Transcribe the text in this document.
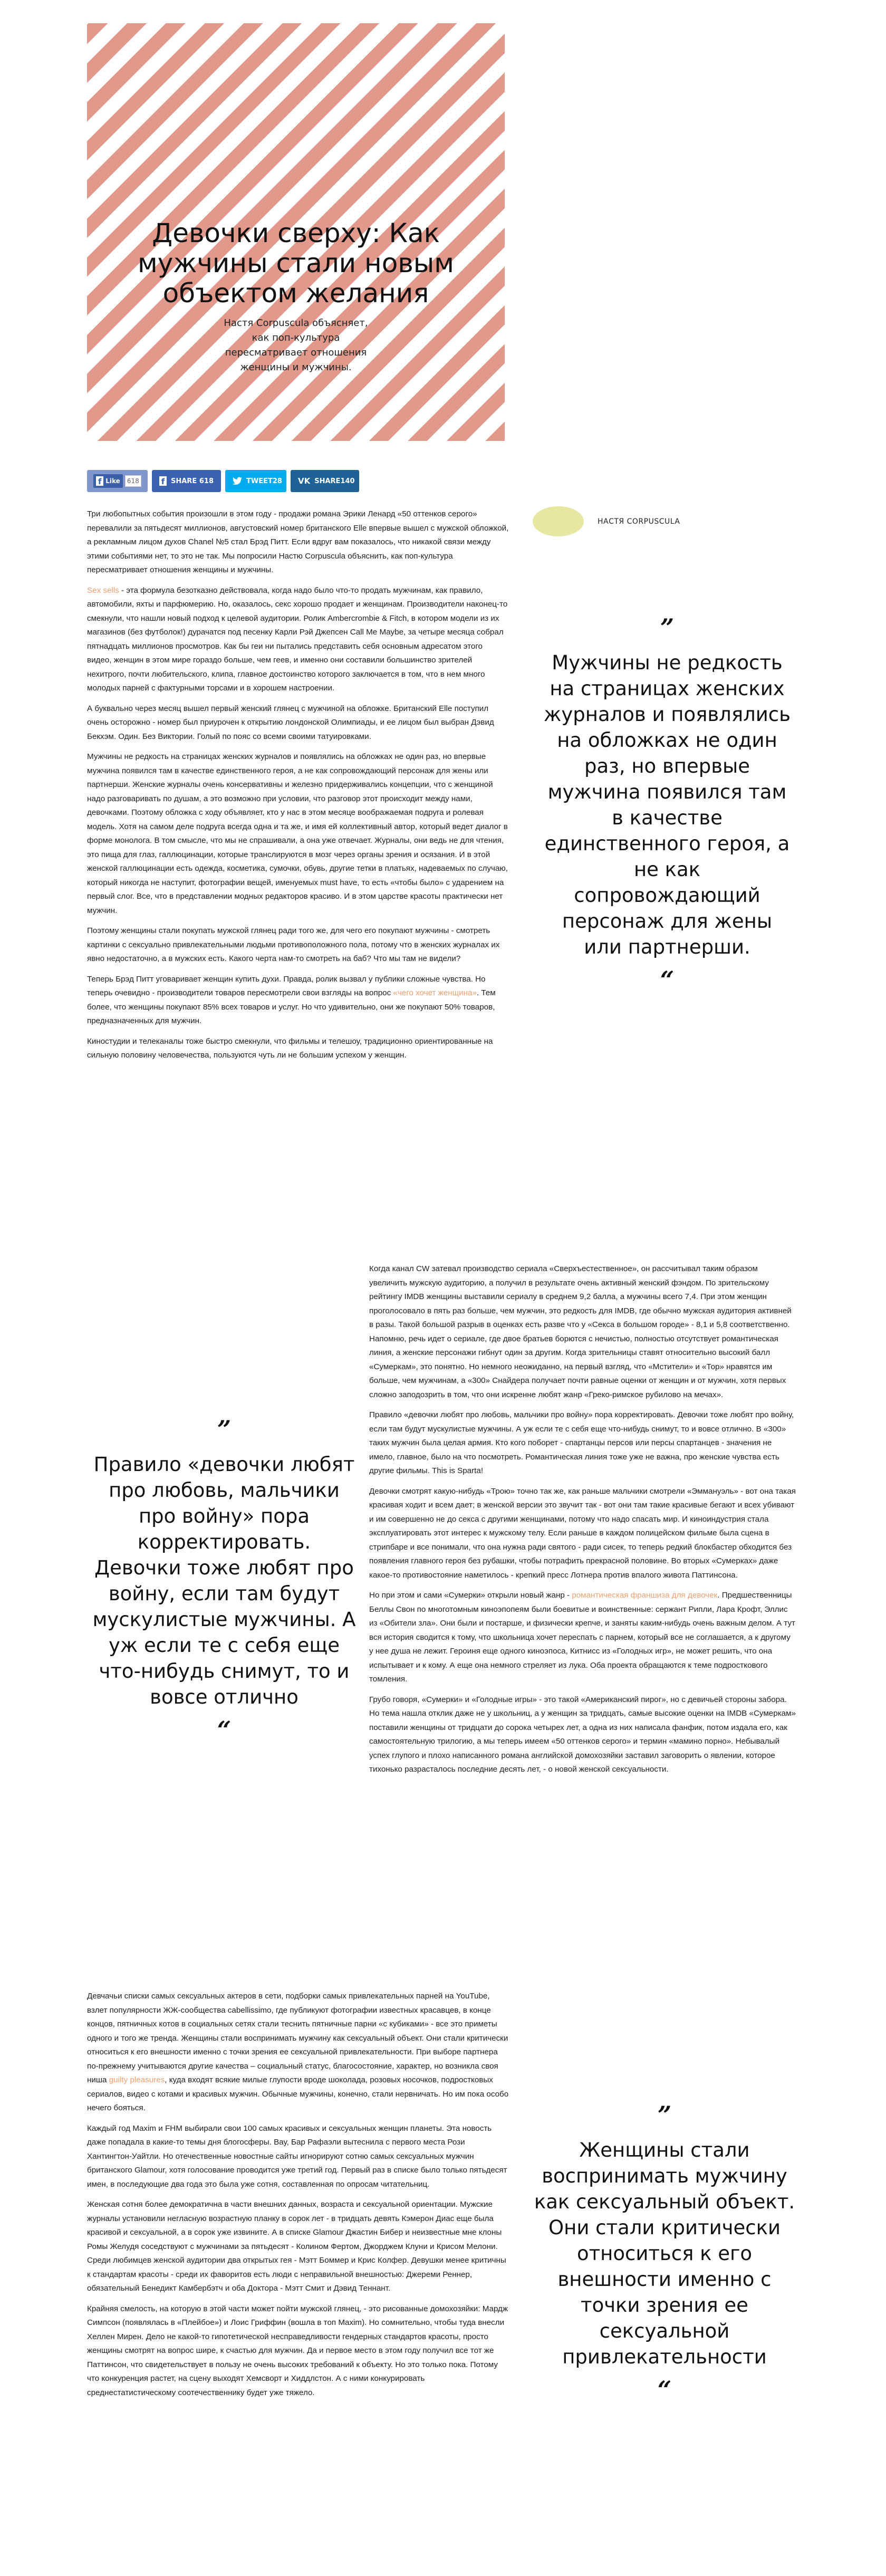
Девочки сверху: Как мужчины стали новым объектом желания

Настя Corpuscula объясняет, как поп-культура пересматривает отношения женщины и мужчины.

f Like	618	f SHARE 618	TWEET 28 VK SHARE 140
НАСТЯ CORPUSCULA

Три любопытных события произошли в этом году - продажи романа Эрики Ленард «50 оттенков серого» перевалили за пятьдесят миллионов, августовский номер британского Elle впервые вышел с мужской обложкой, а рекламным лицом духов Chanel №5 стал Брэд Питт. Если вдруг вам показалось, что никакой связи между этими событиями нет, то это не так. Мы попросили Настю Corpuscula объяснить, как поп-культура пересматривает отношения женщины и мужчины.

Sex sells - эта формула безотказно действовала, когда надо было что-то продать мужчинам, как правило, автомобили, яхты и парфюмерию. Но, оказалось, секс хорошо продает и женщинам. Производители наконец-то смекнули, что нашли новый подход к целевой аудитории. Ролик Ambercrombie & Fitch, в котором модели из их магазинов (без футболок!) дурачатся под песенку Карли Рэй Джепсен Call Me Maybe, за четыре месяца собрал пятнадцать миллионов просмотров. Как бы геи ни пытались представить себя основным адресатом этого видео, женщин в этом мире гораздо больше, чем геев, и именно они составили большинство зрителей нехитрого, почти любительского, клипа, главное достоинство которого заключается в том, что в нем много молодых парней с фактурными торсами и в хорошем настроении.

А буквально через месяц вышел первый женский глянец с мужчиной на обложке. Британский Elle поступил очень осторожно - номер был приурочен к открытию лондонской Олимпиады, и ее лицом был выбран Дэвид Бекхэм. Один. Без Виктории. Голый по пояс со всеми своими татуировками.

Мужчины не редкость на страницах женских журналов и появлялись на обложках не один раз, но впервые мужчина появился там в качестве единственного героя, а не как сопровождающий персонаж для жены или партнерши. Женские журналы очень консервативны и железно придерживались концепции, что с женщиной надо разговаривать по душам, а это возможно при условии, что разговор этот происходит между нами, девочками. Поэтому обложка с ходу объявляет, кто у нас в этом месяце воображаемая подруга и ролевая модель. Хотя на самом деле подруга всегда одна и та же, и имя ей коллективный автор, который ведет диалог в форме монолога. В том смысле, что мы не спрашивали, а она уже отвечает. Журналы, они ведь не для чтения, это пища для глаз, галлюцинации, которые транслируются в мозг через органы зрения и осязания. И в этой женской галлюцинации есть одежда, косметика, сумочки, обувь, другие тетки в платьях, надеваемых по случаю, который никогда не наступит, фотографии вещей, именуемых must have, то есть «чтобы было» с ударением на первый слог. Все, что в представлении модных редакторов красиво. И в этом царстве красоты практически нет мужчин.

Поэтому женщины стали покупать мужской глянец ради того же, для чего его покупают мужчины - смотреть картинки с сексуально привлекательными людьми противоположного пола, потому что в женских журналах их явно недостаточно, а в мужских есть. Какого черта нам-то смотреть на баб? Что мы там не видели?

Теперь Брэд Питт уговаривает женщин купить духи. Правда, ролик вызвал у публики сложные чувства. Но теперь очевидно - производители товаров пересмотрели свои взгляды на вопрос «чего хочет женщина». Тем более, что женщины покупают 85% всех товаров и услуг. Но что удивительно, они же покупают 50% товаров, предназначенных для мужчин.

Киностудии и телеканалы тоже быстро смекнули, что фильмы и телешоу, традиционно ориентированные на сильную половину человечества, пользуются чуть ли не большим успехом у женщин.

”
Мужчины не редкость на страницах женских журналов и появлялись на обложках не один раз, но впервые мужчина появился там в качестве единственного героя, а не как сопровождающий персонаж для жены или партнерши.
“

Когда канал CW затевал производство сериала «Сверхъестественное», он рассчитывал таким образом увеличить мужскую аудиторию, а получил в результате очень активный женский фэндом. По зрительскому рейтингу IMDB женщины выставили сериалу в среднем 9,2 балла, а мужчины всего 7,4. При этом женщин проголосовало в пять раз больше, чем мужчин, это редкость для IMDB, где обычно мужская аудитория активней в разы. Такой большой разрыв в оценках есть разве что у «Секса в большом городе» - 8,1 и 5,8 соответственно. Напомню, речь идет о сериале, где двое братьев борются с нечистью, полностью отсутствует романтическая линия, а женские персонажи гибнут один за другим. Когда зрительницы ставят относительно высокий балл «Сумеркам», это понятно. Но немного неожиданно, на первый взгляд, что «Мстители» и «Тор» нравятся им больше, чем мужчинам, а «300» Снайдера получает почти равные оценки от женщин и от мужчин, хотя первых сложно заподозрить в том, что они искренне любят жанр «Греко-римское рубилово на мечах».

Правило «девочки любят про любовь, мальчики про войну» пора корректировать. Девочки тоже любят про войну, если там будут мускулистые мужчины. А уж если те с себя еще что-нибудь снимут, то и вовсе отлично. В «300» таких мужчин была целая армия. Кто кого поборет - спартанцы персов или персы спартанцев - значения не имело, главное, было на что посмотреть. Романтическая линия тоже уже не важна, про женские чувства есть другие фильмы. This is Sparta!

Девочки смотрят какую-нибудь «Трою» точно так же, как раньше мальчики смотрели «Эммануэль» - вот она такая красивая ходит и всем дает; в женской версии это звучит так - вот они там такие красивые бегают и всех убивают и им совершенно не до секса с другими женщинами, потому что надо спасать мир. И киноиндустрия стала эксплуатировать этот интерес к мужскому телу. Если раньше в каждом полицейском фильме была сцена в стрипбаре и все понимали, что она нужна ради святого - ради сисек, то теперь редкий блокбастер обходится без появления главного героя без рубашки, чтобы потрафить прекрасной половине. Во вторых «Сумерках» даже какое-то противостояние наметилось - крепкий пресс Лотнера против впалого живота Паттинсона.

Но при этом и сами «Сумерки» открыли новый жанр - романтическая франшиза для девочек. Предшественницы Беллы Свон по многотомным киноэпопеям были боевитые и воинственные: сержант Рипли, Лара Крофт, Эллис из «Обители зла». Они были и постарше, и физически крепче, и заняты каким-нибудь очень важным делом. А тут вся история сводится к тому, что школьница хочет переспать с парнем, который все не соглашается, а к другому у нее душа не лежит. Героиня еще одного киноэпоса, Китнисс из «Голодных игр», не может решить, что она испытывает и к кому. А еще она немного стреляет из лука. Оба проекта обращаются к теме подросткового томления.

Грубо говоря, «Сумерки» и «Голодные игры» - это такой «Американский пирог», но с девичьей стороны забора. Но тема нашла отклик даже не у школьниц, а у женщин за тридцать, самые высокие оценки на IMDB «Сумеркам» поставили женщины от тридцати до сорока четырех лет, а одна из них написала фанфик, потом издала его, как самостоятельную трилогию, а мы теперь имеем «50 оттенков серого» и термин «мамино порно». Небывалый успех глупого и плохо написанного романа английской домохозяйки заставил заговорить о явлении, которое тихонько разрасталось последние десять лет, - о новой женской сексуальности.

”
Правило «девочки любят про любовь, мальчики про войну» пора корректировать. Девочки тоже любят про войну, если там будут мускулистые мужчины. А уж если те с себя еще что-нибудь снимут, то и вовсе отлично
“

Девчачьи списки самых сексуальных актеров в сети, подборки самых привлекательных парней на YouTube, взлет популярности ЖЖ-сообщества cabellissimo, где публикуют фотографии известных красавцев, в конце концов, пятничных котов в социальных сетях стали теснить пятничные парни «с кубиками» - все это приметы одного и того же тренда. Женщины стали воспринимать мужчину как сексуальный объект. Они стали критически относиться к его внешности именно с точки зрения ее сексуальной привлекательности. При выборе партнера по-прежнему учитываются другие качества – социальный статус, благосостояние, характер, но возникла своя ниша guilty pleasures, куда входят всякие милые глупости вроде шоколада, розовых носочков, подростковых сериалов, видео с котами и красивых мужчин. Обычные мужчины, конечно, стали нервничать. Но им пока особо нечего бояться.

Каждый год Maxim и FHM выбирали свои 100 самых красивых и сексуальных женщин планеты. Эта новость даже попадала в какие-то темы дня блогосферы. Вау, Бар Рафаэли вытеснила с первого места Рози Хантингтон-Уайтли. Но отечественные новостные сайты игнорируют сотню самых сексуальных мужчин британского Glamour, хотя голосование проводится уже третий год. Первый раз в списке было только пятьдесят имен, в последующие два года это была уже сотня, составленная по опросам читательниц.

Женская сотня более демократична в части внешних данных, возраста и сексуальной ориентации. Мужские журналы установили негласную возрастную планку в сорок лет - в тридцать девять Кэмерон Диас еще была красивой и сексуальной, а в сорок уже извините. А в списке Glamour Джастин Бибер и неизвестные мне клоны Ромы Желудя соседствуют с мужчинами за пятьдесят - Колином Фертом, Джорджем Клуни и Крисом Мелони. Среди любимцев женской аудитории два открытых гея - Мэтт Боммер и Крис Колфер. Девушки менее критичны к стандартам красоты - среди их фаворитов есть люди с неправильной внешностью: Джереми Реннер, обязательный Бенедикт Камбербэтч и оба Доктора - Мэтт Смит и Дэвид Теннант.

Крайняя смелость, на которую в этой части может пойти мужской глянец, - это рисованные домохозяйки: Мардж Симпсон (появлялась в «Плейбое») и Лоис Гриффин (вошла в топ Maxim). Но сомнительно, чтобы туда внесли Хеллен Мирен. Дело не какой-то гипотетической несправедливости гендерных стандартов красоты, просто женщины смотрят на вопрос шире, к счастью для мужчин. Да и первое место в этом году получил все тот же Паттинсон, что свидетельствует в пользу не очень высоких требований к объекту. Но это только пока. Потому что конкуренция растет, на сцену выходят Хемсворт и Хиддлстон. А с ними конкурировать среднестатистическому соотечественнику будет уже тяжело.

”
Женщины стали воспринимать мужчину как сексуальный объект. Они стали критически относиться к его внешности именно с точки зрения ее сексуальной привлекательности
“
